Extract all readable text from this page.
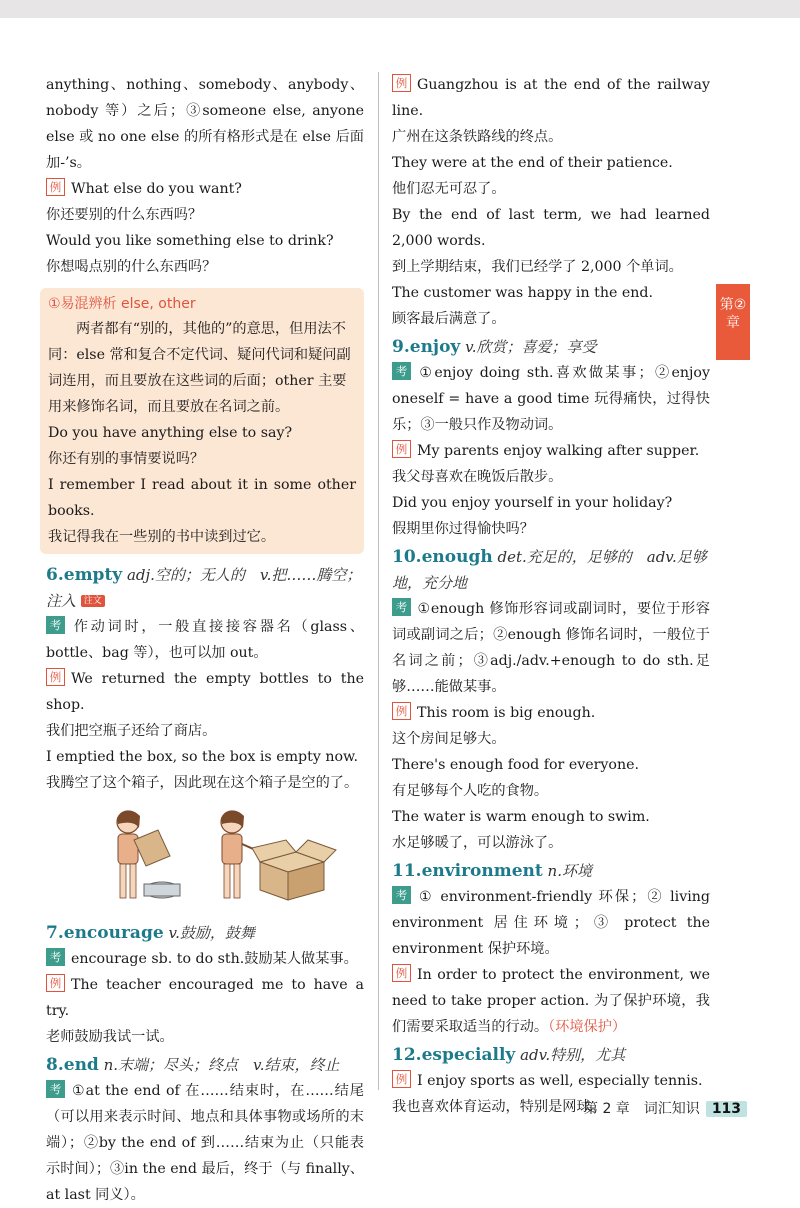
anything、nothing、somebody、anybody、nobody 等）之后；③someone else, anyone else 或 no one else 的所有格形式是在 else 后面加-’s。

例 What else do you want?

你还要别的什么东西吗？

Would you like something else to drink?

你想喝点别的什么东西吗？

①易混辨析 else, other

两者都有“别的，其他的”的意思，但用法不同：else 常和复合不定代词、疑问代词和疑问副词连用，而且要放在这些词的后面；other 主要用来修饰名词，而且要放在名词之前。

Do you have anything else to say?

你还有别的事情要说吗？

I remember I read about it in some other books.

我记得我在一些别的书中读到过它。

6.empty adj.空的；无人的　v.把……腾空；注入 注文

考 作动词时，一般直接接容器名（glass、bottle、bag 等），也可以加 out。

例 We returned the empty bottles to the shop.

我们把空瓶子还给了商店。

I emptied the box, so the box is empty now.

我腾空了这个箱子，因此现在这个箱子是空的了。

7.encourage v.鼓励，鼓舞

考 encourage sb. to do sth.鼓励某人做某事。

例 The teacher encouraged me to have a try.

老师鼓励我试一试。

8.end n.末端；尽头；终点　v.结束，终止

考 ①at the end of 在……结束时，在……结尾（可以用来表示时间、地点和具体事物或场所的末端）；②by the end of 到……结束为止（只能表示时间）；③in the end 最后，终于（与 finally、at last 同义）。

例 Guangzhou is at the end of the railway line.

广州在这条铁路线的终点。

They were at the end of their patience.

他们忍无可忍了。

By the end of last term, we had learned 2,000 words.

到上学期结束，我们已经学了 2,000 个单词。

The customer was happy in the end.

顾客最后满意了。

9.enjoy v.欣赏；喜爱；享受

考 ①enjoy doing sth.喜欢做某事；②enjoy oneself = have a good time 玩得痛快，过得快乐；③一般只作及物动词。

例 My parents enjoy walking after supper.

我父母喜欢在晚饭后散步。

Did you enjoy yourself in your holiday?

假期里你过得愉快吗？

10.enough det.充足的，足够的　adv.足够地，充分地

考 ①enough 修饰形容词或副词时，要位于形容词或副词之后；②enough 修饰名词时，一般位于名词之前；③adj./adv.+enough to do sth.足够……能做某事。

例 This room is big enough.

这个房间足够大。

There's enough food for everyone.

有足够每个人吃的食物。

The water is warm enough to swim.

水足够暖了，可以游泳了。

11.environment n.环境

考 ① environment-friendly 环保；② living environment 居住环境；③ protect the environment 保护环境。

例 In order to protect the environment, we need to take proper action. 为了保护环境，我们需要采取适当的行动。（环境保护）

12.especially adv.特别，尤其

例 I enjoy sports as well, especially tennis.

我也喜欢体育运动，特别是网球。

第②章
第 2 章　词汇知识 113
